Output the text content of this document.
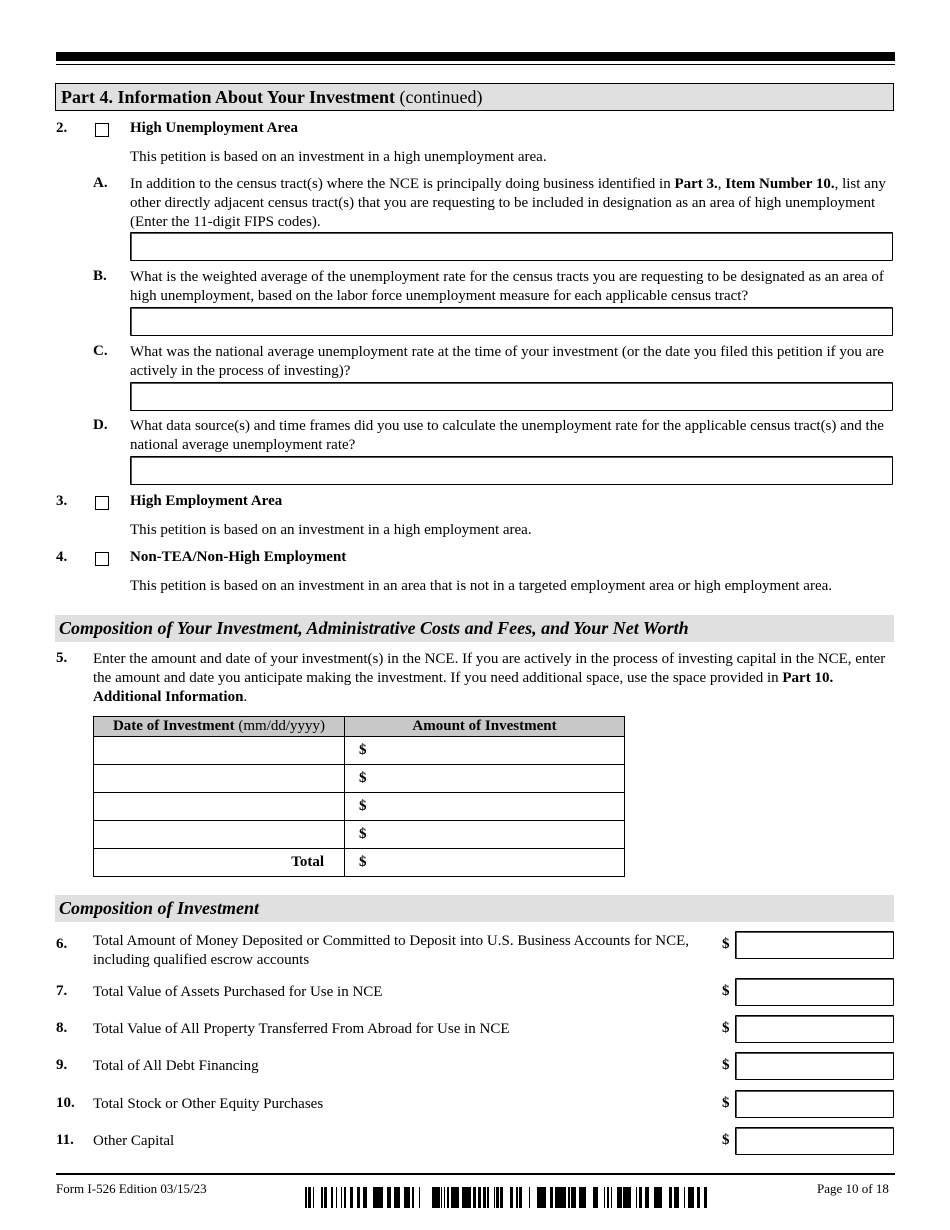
Part 4. Information About Your Investment (continued)
2.	High Unemployment Area
This petition is based on an investment in a high unemployment area.
A. In addition to the census tract(s) where the NCE is principally doing business identified in Part 3., Item Number 10., list any other directly adjacent census tract(s) that you are requesting to be included in designation as an area of high unemployment (Enter the 11-digit FIPS codes).
B. What is the weighted average of the unemployment rate for the census tracts you are requesting to be designated as an area of high unemployment, based on the labor force unemployment measure for each applicable census tract?
C. What was the national average unemployment rate at the time of your investment (or the date you filed this petition if you are actively in the process of investing)?
D. What data source(s) and time frames did you use to calculate the unemployment rate for the applicable census tract(s) and the national average unemployment rate?
3.	High Employment Area
This petition is based on an investment in a high employment area.
4.	Non-TEA/Non-High Employment
This petition is based on an investment in an area that is not in a targeted employment area or high employment area.
Composition of Your Investment, Administrative Costs and Fees, and Your Net Worth
5. Enter the amount and date of your investment(s) in the NCE. If you are actively in the process of investing capital in the NCE, enter the amount and date you anticipate making the investment. If you need additional space, use the space provided in Part 10. Additional Information.
Date of Investment (mm/dd/yyyy)	Amount of Investment
	$
	$
	$
	$
Total	$
Composition of Investment
6. Total Amount of Money Deposited or Committed to Deposit into U.S. Business Accounts for NCE, including qualified escrow accounts
$
7. Total Value of Assets Purchased for Use in NCE	$
8. Total Value of All Property Transferred From Abroad for Use in NCE	$
9. Total of All Debt Financing	$
10. Total Stock or Other Equity Purchases	$
11. Other Capital	$
Form I-526 Edition 03/15/23	Page 10 of 18
